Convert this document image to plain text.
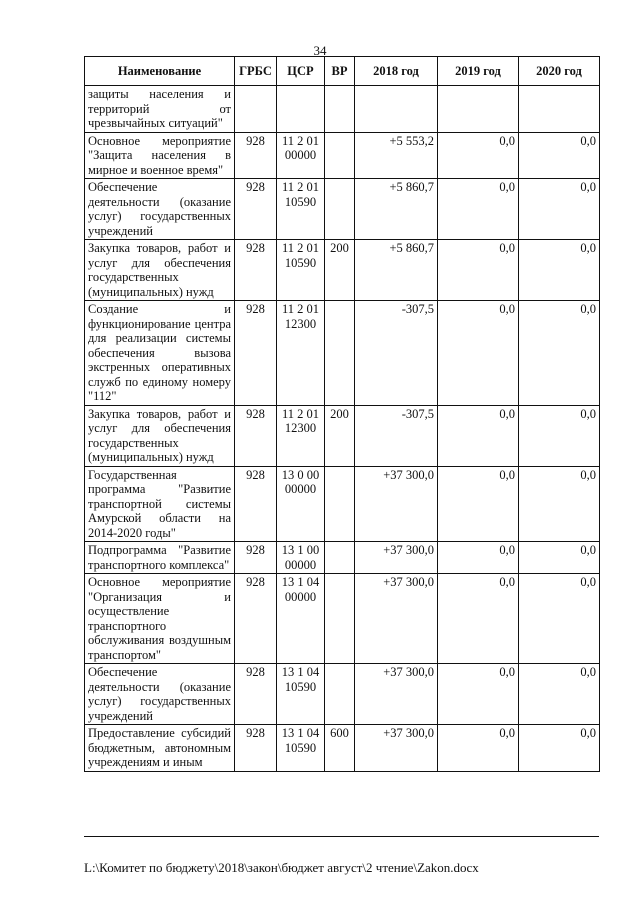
34
Наименование	ГРБС	ЦСР	ВР	2018 год	2019 год	2020 год
защиты населения и территорий от чрезвычайных ситуаций"						
Основное мероприятие "Защита населения в мирное и военное время"	928	11 2 01 00000		+5 553,2	0,0	0,0
Обеспечение деятельности (оказание услуг) государственных учреждений	928	11 2 01 10590		+5 860,7	0,0	0,0
Закупка товаров, работ и услуг для обеспечения государственных (муниципальных) нужд	928	11 2 01 10590	200	+5 860,7	0,0	0,0
Создание и функционирование центра для реализации системы обеспечения вызова экстренных оперативных служб по единому номеру "112"	928	11 2 01 12300		-307,5	0,0	0,0
Закупка товаров, работ и услуг для обеспечения государственных (муниципальных) нужд	928	11 2 01 12300	200	-307,5	0,0	0,0
Государственная программа "Развитие транспортной системы Амурской области на 2014-2020 годы"	928	13 0 00 00000		+37 300,0	0,0	0,0
Подпрограмма "Развитие транспортного комплекса"	928	13 1 00 00000		+37 300,0	0,0	0,0
Основное мероприятие "Организация и осуществление транспортного обслуживания воздушным транспортом"	928	13 1 04 00000		+37 300,0	0,0	0,0
Обеспечение деятельности (оказание услуг) государственных учреждений	928	13 1 04 10590		+37 300,0	0,0	0,0
Предоставление субсидий бюджетным, автономным учреждениям и иным	928	13 1 04 10590	600	+37 300,0	0,0	0,0
L:\Комитет по бюджету\2018\закон\бюджет август\2 чтение\Zakon.docx
